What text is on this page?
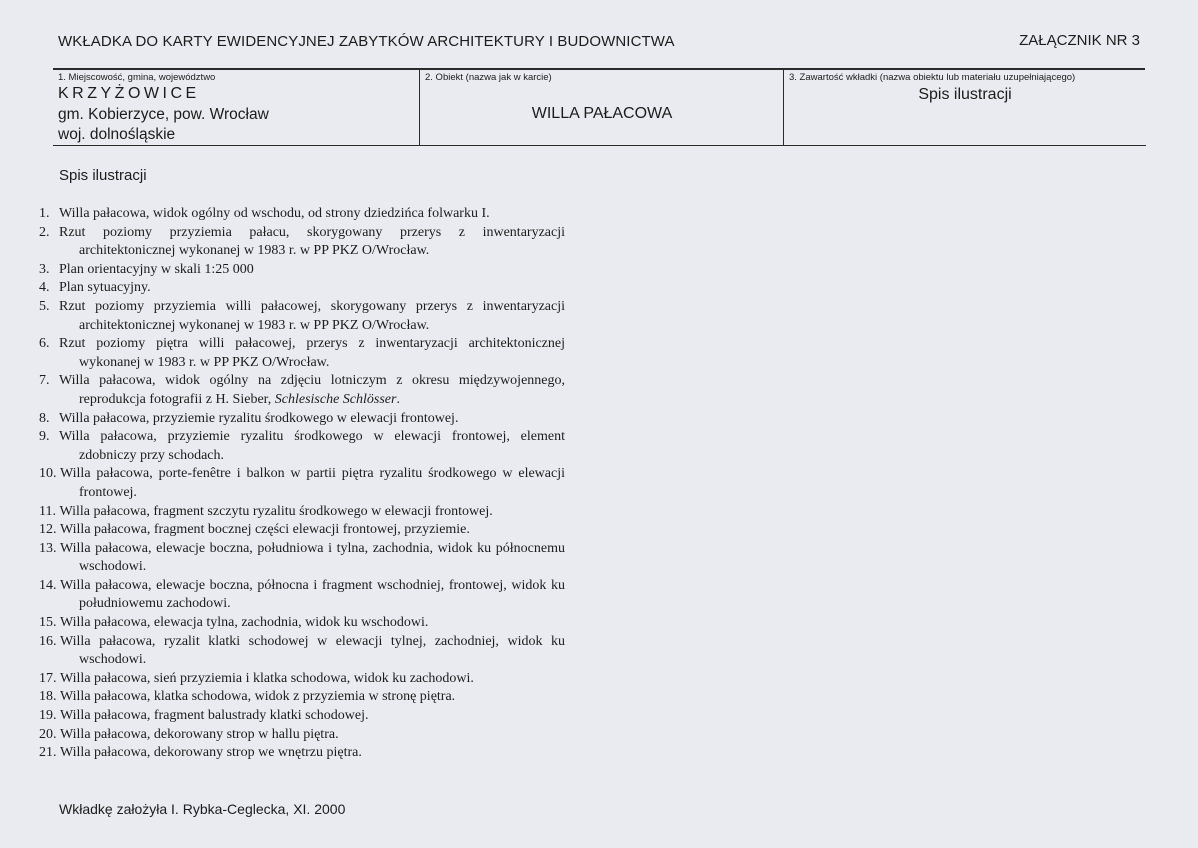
WKŁADKA DO KARTY EWIDENCYJNEJ ZABYTKÓW ARCHITEKTURY I BUDOWNICTWA	ZAŁĄCZNIK NR 3
1. Miejscowość, gmina, województwo
KRZYŻOWICE
gm. Kobierzyce, pow. Wrocław
woj. dolnośląskie
2. Obiekt (nazwa jak w karcie)
WILLA PAŁACOWA
3. Zawartość wkładki (nazwa obiektu lub materiału uzupełniającego)
Spis ilustracji
Spis ilustracji
1. Willa pałacowa, widok ogólny od wschodu, od strony dziedzińca folwarku I.
2. Rzut poziomy przyziemia pałacu, skorygowany przerys z inwentaryzacji architektonicznej wykonanej w 1983 r. w PP PKZ O/Wrocław.
3. Plan orientacyjny w skali 1:25 000
4. Plan sytuacyjny.
5. Rzut poziomy przyziemia willi pałacowej, skorygowany przerys z inwentaryzacji architektonicznej wykonanej w 1983 r. w PP PKZ O/Wrocław.
6. Rzut poziomy piętra willi pałacowej, przerys z inwentaryzacji architektonicznej wykonanej w 1983 r. w PP PKZ O/Wrocław.
7. Willa pałacowa, widok ogólny na zdjęciu lotniczym z okresu międzywojennego, reprodukcja fotografii z H. Sieber, Schlesische Schlösser.
8. Willa pałacowa, przyziemie ryzalitu środkowego w elewacji frontowej.
9. Willa pałacowa, przyziemie ryzalitu środkowego w elewacji frontowej, element zdobniczy przy schodach.
10. Willa pałacowa, porte-fenêtre i balkon w partii piętra ryzalitu środkowego w elewacji frontowej.
11. Willa pałacowa, fragment szczytu ryzalitu środkowego w elewacji frontowej.
12. Willa pałacowa, fragment bocznej części elewacji frontowej, przyziemie.
13. Willa pałacowa, elewacje boczna, południowa i tylna, zachodnia, widok ku północnemu wschodowi.
14. Willa pałacowa, elewacje boczna, północna i fragment wschodniej, frontowej, widok ku południowemu zachodowi.
15. Willa pałacowa, elewacja tylna, zachodnia, widok ku wschodowi.
16. Willa pałacowa, ryzalit klatki schodowej w elewacji tylnej, zachodniej, widok ku wschodowi.
17. Willa pałacowa, sień przyziemia i klatka schodowa, widok ku zachodowi.
18. Willa pałacowa, klatka schodowa, widok z przyziemia w stronę piętra.
19. Willa pałacowa, fragment balustrady klatki schodowej.
20. Willa pałacowa, dekorowany strop w hallu piętra.
21. Willa pałacowa, dekorowany strop we wnętrzu piętra.
Wkładkę założyła I. Rybka-Ceglecka, XI. 2000
